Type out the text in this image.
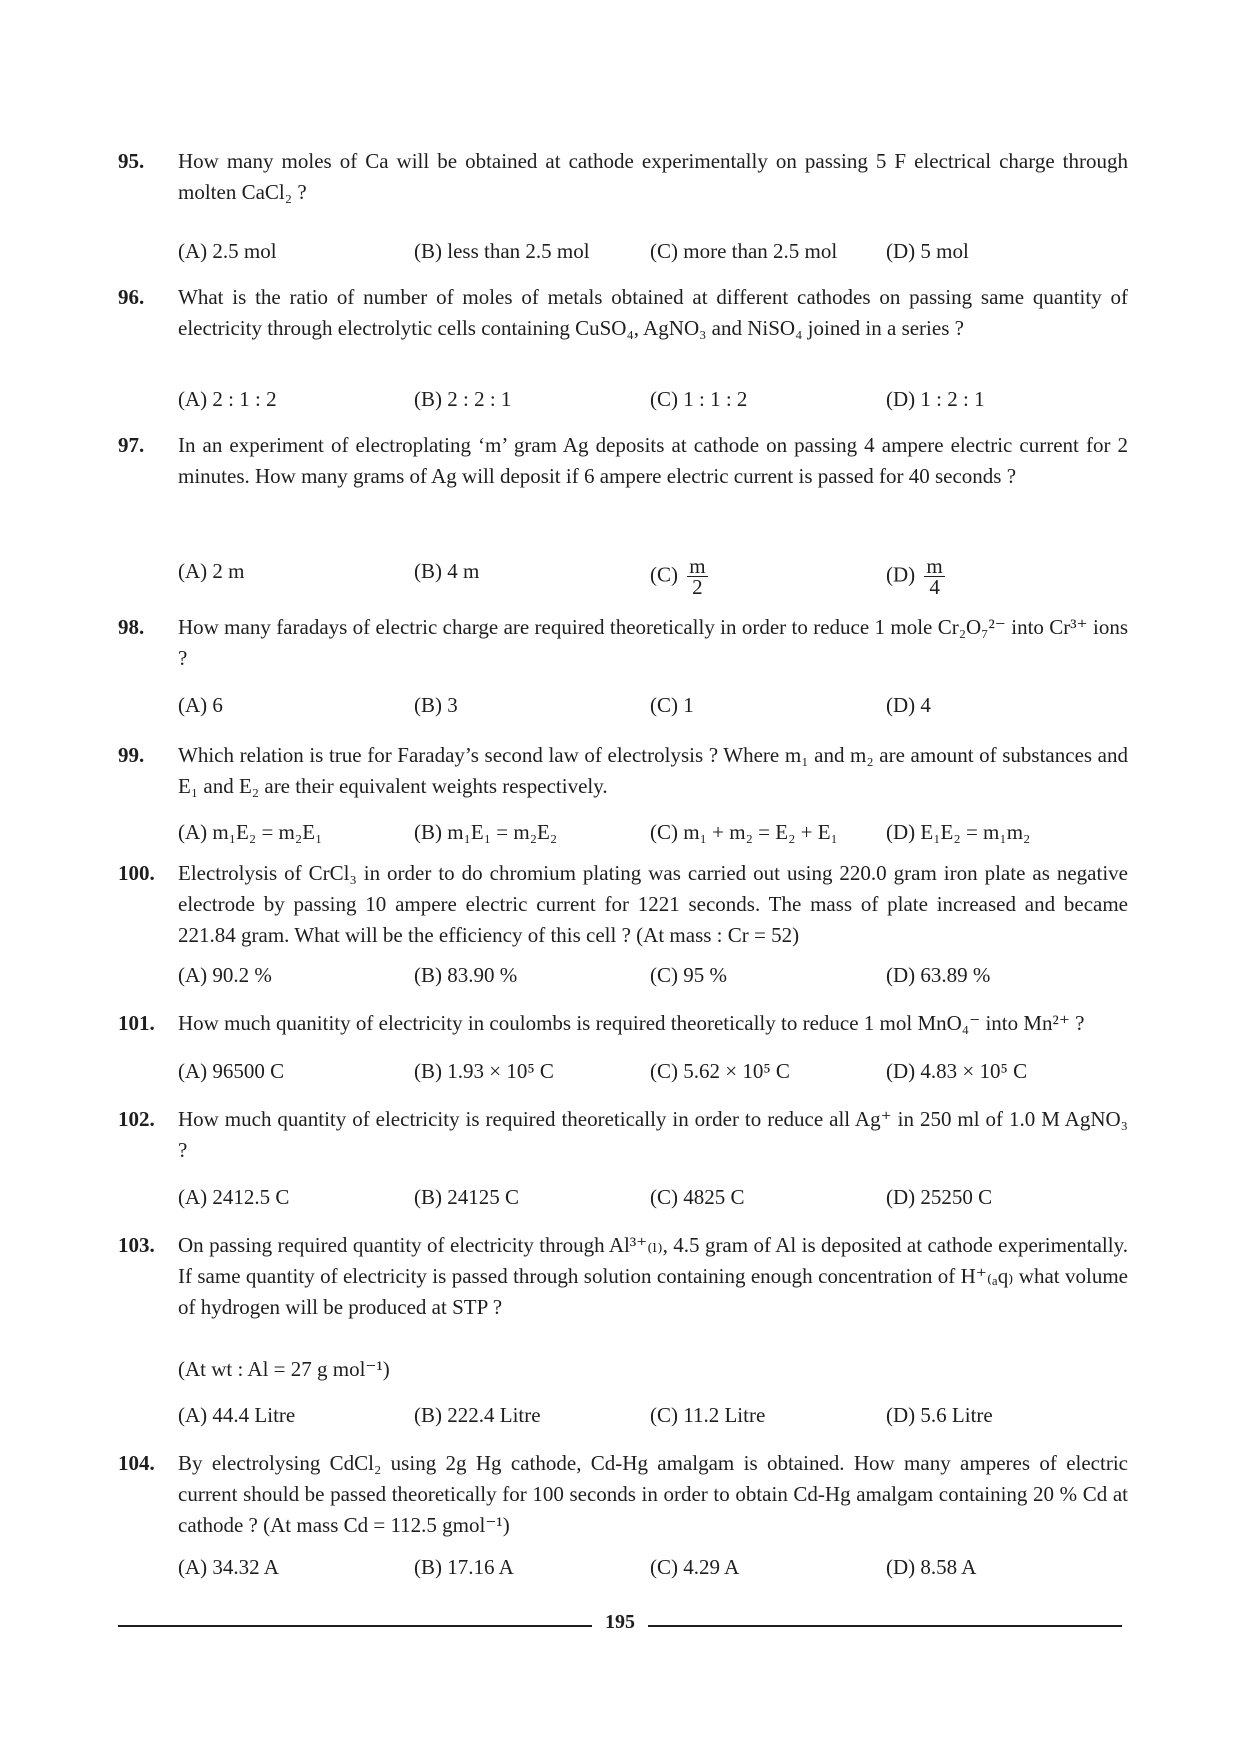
95. How many moles of Ca will be obtained at cathode experimentally on passing 5 F electrical charge through molten CaCl₂ ?
(A) 2.5 mol	(B) less than 2.5 mol	(C) more than 2.5 mol (D) 5 mol
96. What is the ratio of number of moles of metals obtained at different cathodes on passing same quantity of electricity through electrolytic cells containing CuSO₄, AgNO₃ and NiSO₄ joined in a series ?
(A) 2 : 1 : 2	(B) 2 : 2 : 1	(C) 1 : 1 : 2	(D) 1 : 2 : 1
97. In an experiment of electroplating ‘m’ gram Ag deposits at cathode on passing 4 ampere electric current for 2 minutes. How many grams of Ag will deposit if 6 ampere electric current is passed for 40 seconds ?
(A) 2 m	(B) 4 m	$(C) \frac{m}{2}$	$(D) \frac{m}{4}$
98. How many faradays of electric charge are required theoretically in order to reduce 1 mole Cr₂O₇²⁻ into Cr³⁺ ions ?
(A) 6	(B) 3	(C) 1	(D) 4
99. Which relation is true for Faraday’s second law of electrolysis ? Where m₁ and m₂ are amount of substances and E₁ and E₂ are their equivalent weights respectively.
(A) m₁E₂ = m₂E₁	(B) m₁E₁ = m₂E₂	(C) m₁ + m₂ = E₂ + E₁ (D) E₁E₂ = m₁m₂
100. Electrolysis of CrCl₃ in order to do chromium plating was carried out using 220.0 gram iron plate as negative electrode by passing 10 ampere electric current for 1221 seconds. The mass of plate increased and became 221.84 gram. What will be the efficiency of this cell ? (At mass : Cr = 52)
(A) 90.2 %	(B) 83.90 %	(C) 95 %	(D) 63.89 %
101. How much quanitity of electricity in coulombs is required theoretically to reduce 1 mol MnO₄⁻ into Mn²⁺ ?
(A) 96500 C	(B) 1.93 × 10⁵ C	(C) 5.62 × 10⁵ C	(D) 4.83 × 10⁵ C
102. How much quantity of electricity is required theoretically in order to reduce all Ag⁺ in 250 ml of 1.0 M AgNO₃ ?
(A) 2412.5 C	(B) 24125 C	(C) 4825 C	(D) 25250 C
103. On passing required quantity of electricity through Al³⁺₍ₗ₎, 4.5 gram of Al is deposited at cathode experimentally. If same quantity of electricity is passed through solution containing enough concentration of H⁺₍ₐq₎ what volume of hydrogen will be produced at STP ?
(At wt : Al = 27 g mol⁻¹)
(A) 44.4 Litre	(B) 222.4 Litre	(C) 11.2 Litre	(D) 5.6 Litre
104. By electrolysing CdCl₂ using 2g Hg cathode, Cd-Hg amalgam is obtained. How many amperes of electric current should be passed theoretically for 100 seconds in order to obtain Cd-Hg amalgam containing 20 % Cd at cathode ? (At mass Cd = 112.5 gmol⁻¹)
(A) 34.32 A	(B) 17.16 A	(C) 4.29 A	(D) 8.58 A
195
